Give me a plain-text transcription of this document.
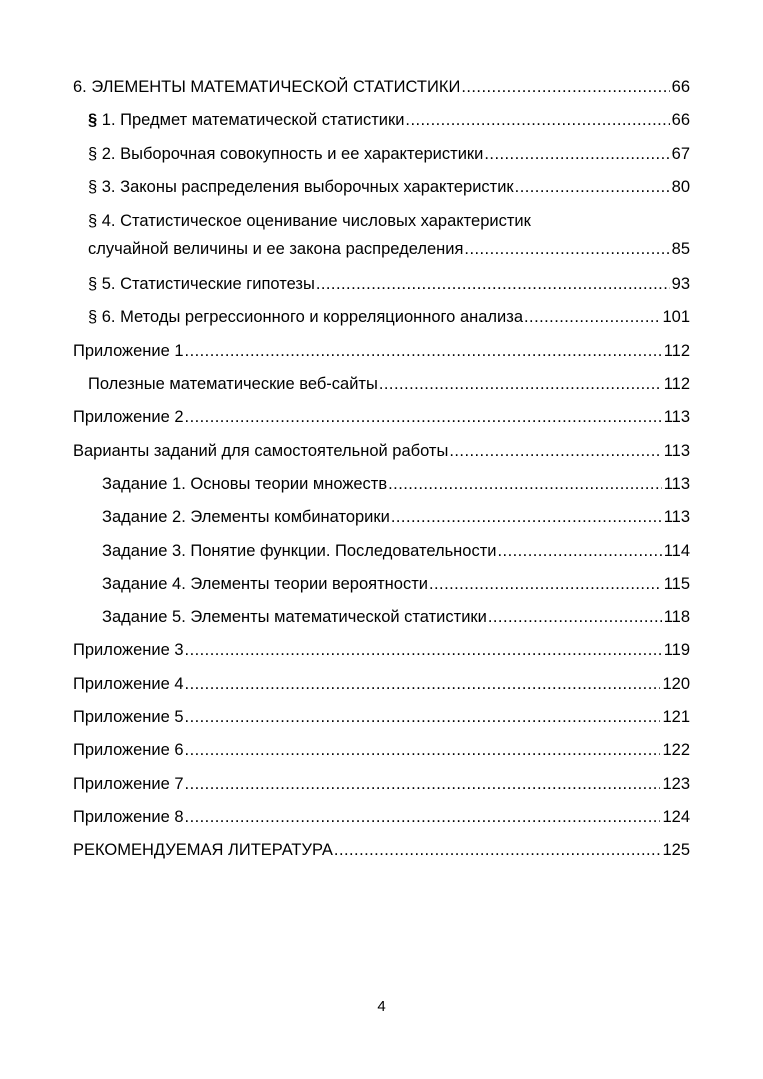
6. ЭЛЕМЕНТЫ МАТЕМАТИЧЕСКОЙ СТАТИСТИКИ .....	66
§ 1. Предмет математической статистики .....	66
§ 2. Выборочная совокупность и ее характеристики .....	67
§ 3. Законы распределения выборочных характеристик .....	80
§ 4. Статистическое оценивание числовых характеристик
случайной величины и ее закона распределения .....	85
§ 5. Статистические гипотезы .....	93
§ 6. Методы регрессионного и корреляционного анализа .....	101
Приложение 1 .....	112
Полезные математические веб-сайты .....	112
Приложение 2 .....	113
Варианты заданий для самостоятельной работы .....	113
Задание 1. Основы теории множеств .....	113
Задание 2. Элементы комбинаторики .....	113
Задание 3. Понятие функции. Последовательности .....	114
Задание 4. Элементы теории вероятности .....	115
Задание 5. Элементы математической статистики .....	118
Приложение 3 .....	119
Приложение 4 .....	120
Приложение 5 .....	121
Приложение 6 .....	122
Приложение 7 .....	123
Приложение 8 .....	124
РЕКОМЕНДУЕМАЯ ЛИТЕРАТУРА .....	125
4
